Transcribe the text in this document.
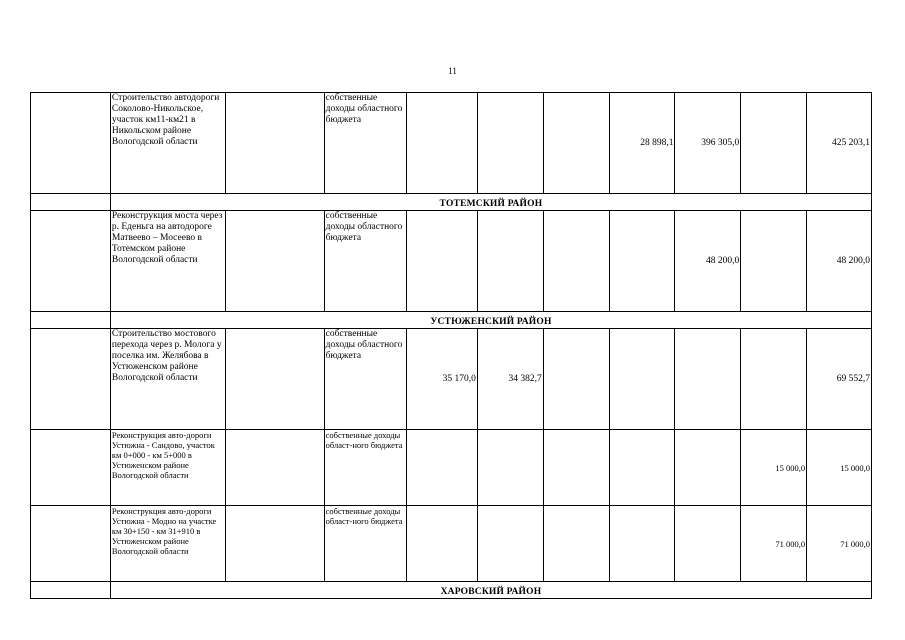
11
	Строительство автодороги Соколово-Никольское, участок км11-км21 в Никольском районе Вологодской области		собственные доходы областного бюджета				28 898,1	396 305,0		425 203,1
	ТОТЕМСКИЙ РАЙОН									
	Реконструкция моста через р. Еденьга на автодороге Матвеево – Мосеево в Тотемском районе Вологодской области		собственные доходы областного бюджета					48 200,0		48 200,0
	УСТЮЖЕНСКИЙ РАЙОН									
	Строительство мостового перехода через р. Молога у поселка им. Желябова в Устюженском районе Вологодской области		собственные доходы областного бюджета	35 170,0	34 382,7					69 552,7
	Реконструкция авто-дороги Устюжна - Сандово, участок км 0+000 - км 5+000 в Устюженском районе Вологодской области		собственные доходы област-ного бюджета						15 000,0	15 000,0
	Реконструкция авто-дороги Устюжна - Модно на участке км 30+150 - км 31+910 в Устюженском районе Вологодской области		собственные доходы област-ного бюджета						71 000,0	71 000,0
	ХАРОВСКИЙ РАЙОН									
